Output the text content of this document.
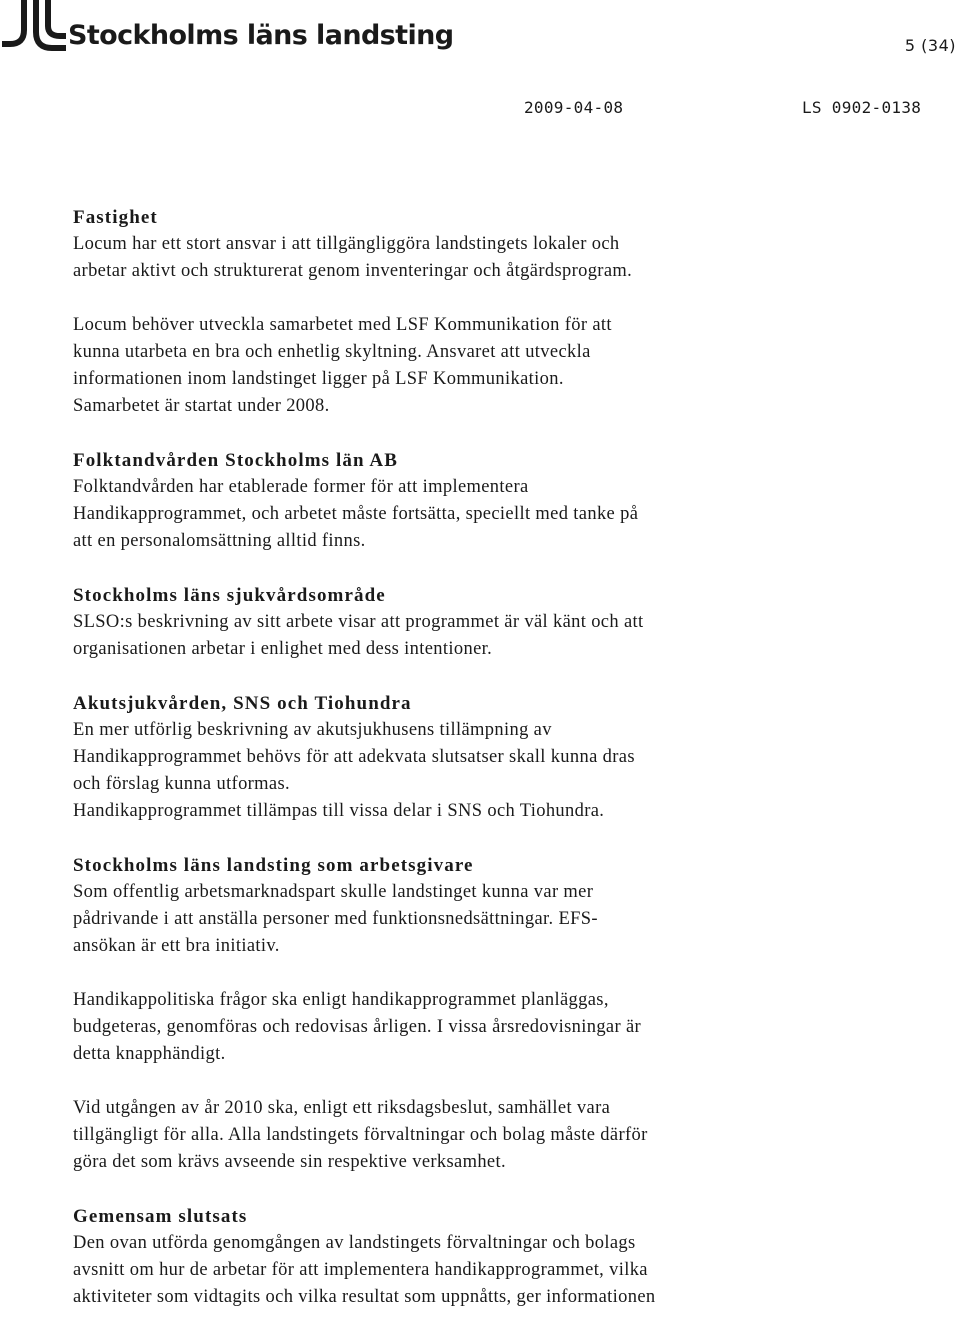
Stockholms läns landsting	5 (34)
2009-04-08	LS 0902-0138
Fastighet

Locum har ett stort ansvar i att tillgängliggöra landstingets lokaler och
arbetar aktivt och strukturerat genom inventeringar och åtgärdsprogram.

Locum behöver utveckla samarbetet med LSF Kommunikation för att
kunna utarbeta en bra och enhetlig skyltning. Ansvaret att utveckla
informationen inom landstinget ligger på LSF Kommunikation.
Samarbetet är startat under 2008.

Folktandvården Stockholms län AB

Folktandvården har etablerade former för att implementera
Handikapprogrammet, och arbetet måste fortsätta, speciellt med tanke på
att en personalomsättning alltid finns.

Stockholms läns sjukvårdsområde

SLSO:s beskrivning av sitt arbete visar att programmet är väl känt och att
organisationen arbetar i enlighet med dess intentioner.

Akutsjukvården, SNS och Tiohundra

En mer utförlig beskrivning av akutsjukhusens tillämpning av
Handikapprogrammet behövs för att adekvata slutsatser skall kunna dras
och förslag kunna utformas.
Handikapprogrammet tillämpas till vissa delar i SNS och Tiohundra.

Stockholms läns landsting som arbetsgivare

Som offentlig arbetsmarknadspart skulle landstinget kunna var mer
pådrivande i att anställa personer med funktionsnedsättningar. EFS-
ansökan är ett bra initiativ.

Handikappolitiska frågor ska enligt handikapprogrammet planläggas,
budgeteras, genomföras och redovisas årligen. I vissa årsredovisningar är
detta knapphändigt.

Vid utgången av år 2010 ska, enligt ett riksdagsbeslut, samhället vara
tillgängligt för alla. Alla landstingets förvaltningar och bolag måste därför
göra det som krävs avseende sin respektive verksamhet.

Gemensam slutsats

Den ovan utförda genomgången av landstingets förvaltningar och bolags
avsnitt om hur de arbetar för att implementera handikapprogrammet, vilka
aktiviteter som vidtagits och vilka resultat som uppnåtts, ger informationen
